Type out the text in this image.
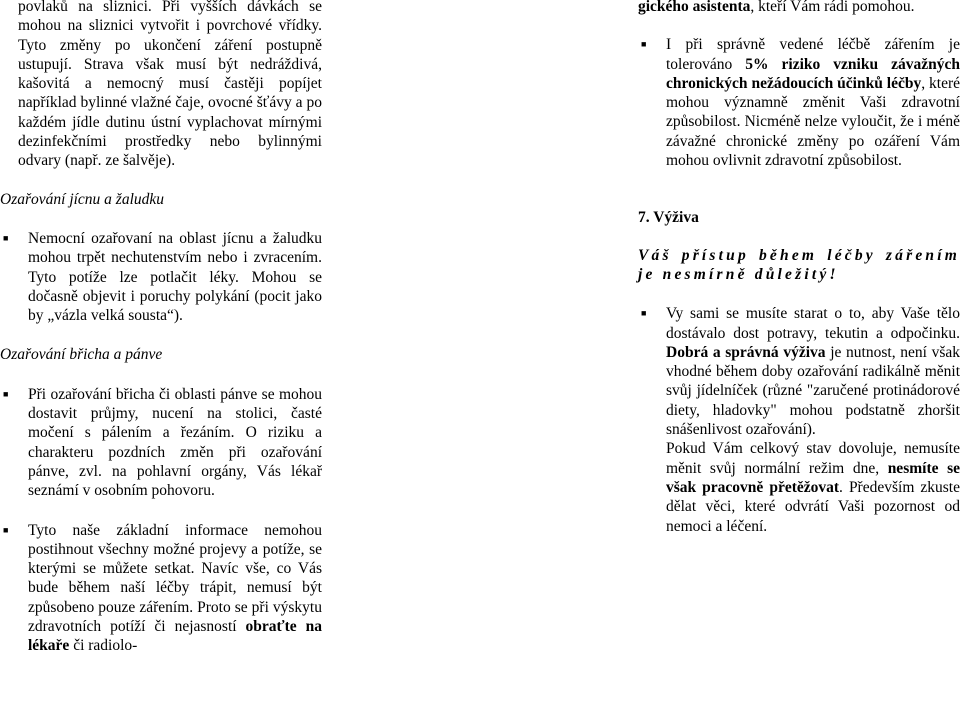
povlaků na sliznici. Při vyšších dávkách se mohou na sliznici vytvořit i povrchové vřídky. Tyto změny po ukončení záření postupně ustupují. Strava však musí být nedráždivá, kašovitá a nemocný musí častěji popíjet například bylinné vlažné čaje, ovocné šťávy a po každém jídle dutinu ústní vyplachovat mírnými dezinfekčními prostředky nebo bylinnými odvary (např. ze šalvěje).

Ozařování jícnu a žaludku

■ Nemocní ozařovaní na oblast jícnu a žaludku mohou trpět nechutenstvím nebo i zvracením. Tyto potíže lze potlačit léky. Mohou se dočasně objevit i poruchy polykání (pocit jako by „vázla velká sousta“).

Ozařování břicha a pánve

■ Při ozařování břicha či oblasti pánve se mohou dostavit průjmy, nucení na stolici, časté močení s pálením a řezáním. O riziku a charakteru pozdních změn při ozařování pánve, zvl. na pohlavní orgány, Vás lékař seznámí v osobním pohovoru.
■ Tyto naše základní informace nemohou postihnout všechny možné projevy a potíže, se kterými se můžete setkat. Navíc vše, co Vás bude během naší léčby trápit, nemusí být způsobeno pouze zářením. Proto se při výskytu zdravotních potíží či nejasností obraťte na lékaře či radiolo-

gického asistenta, kteří Vám rádi pomohou.

■ I při správně vedené léčbě zářením je tolerováno 5% riziko vzniku závažných chronických nežádoucích účinků léčby, které mohou významně změnit Vaši zdravotní způsobilost. Nicméně nelze vyloučit, že i méně závažné chronické změny po ozáření Vám mohou ovlivnit zdravotní způsobilost.

7. Výživa

Váš přístup během léčby zářením je nesmírně důležitý!

■ Vy sami se musíte starat o to, aby Vaše tělo dostávalo dost potravy, tekutin a odpočinku. Dobrá a správná výživa je nutnost, není však vhodné během doby ozařování radikálně měnit svůj jídelníček (různé "zaručené protinádorové diety, hladovky" mohou podstatně zhoršit snášenlivost ozařování).
Pokud Vám celkový stav dovoluje, nemusíte měnit svůj normální režim dne, nesmíte se však pracovně přetěžovat. Především zkuste dělat věci, které odvrátí Vaši pozornost od nemoci a léčení.
